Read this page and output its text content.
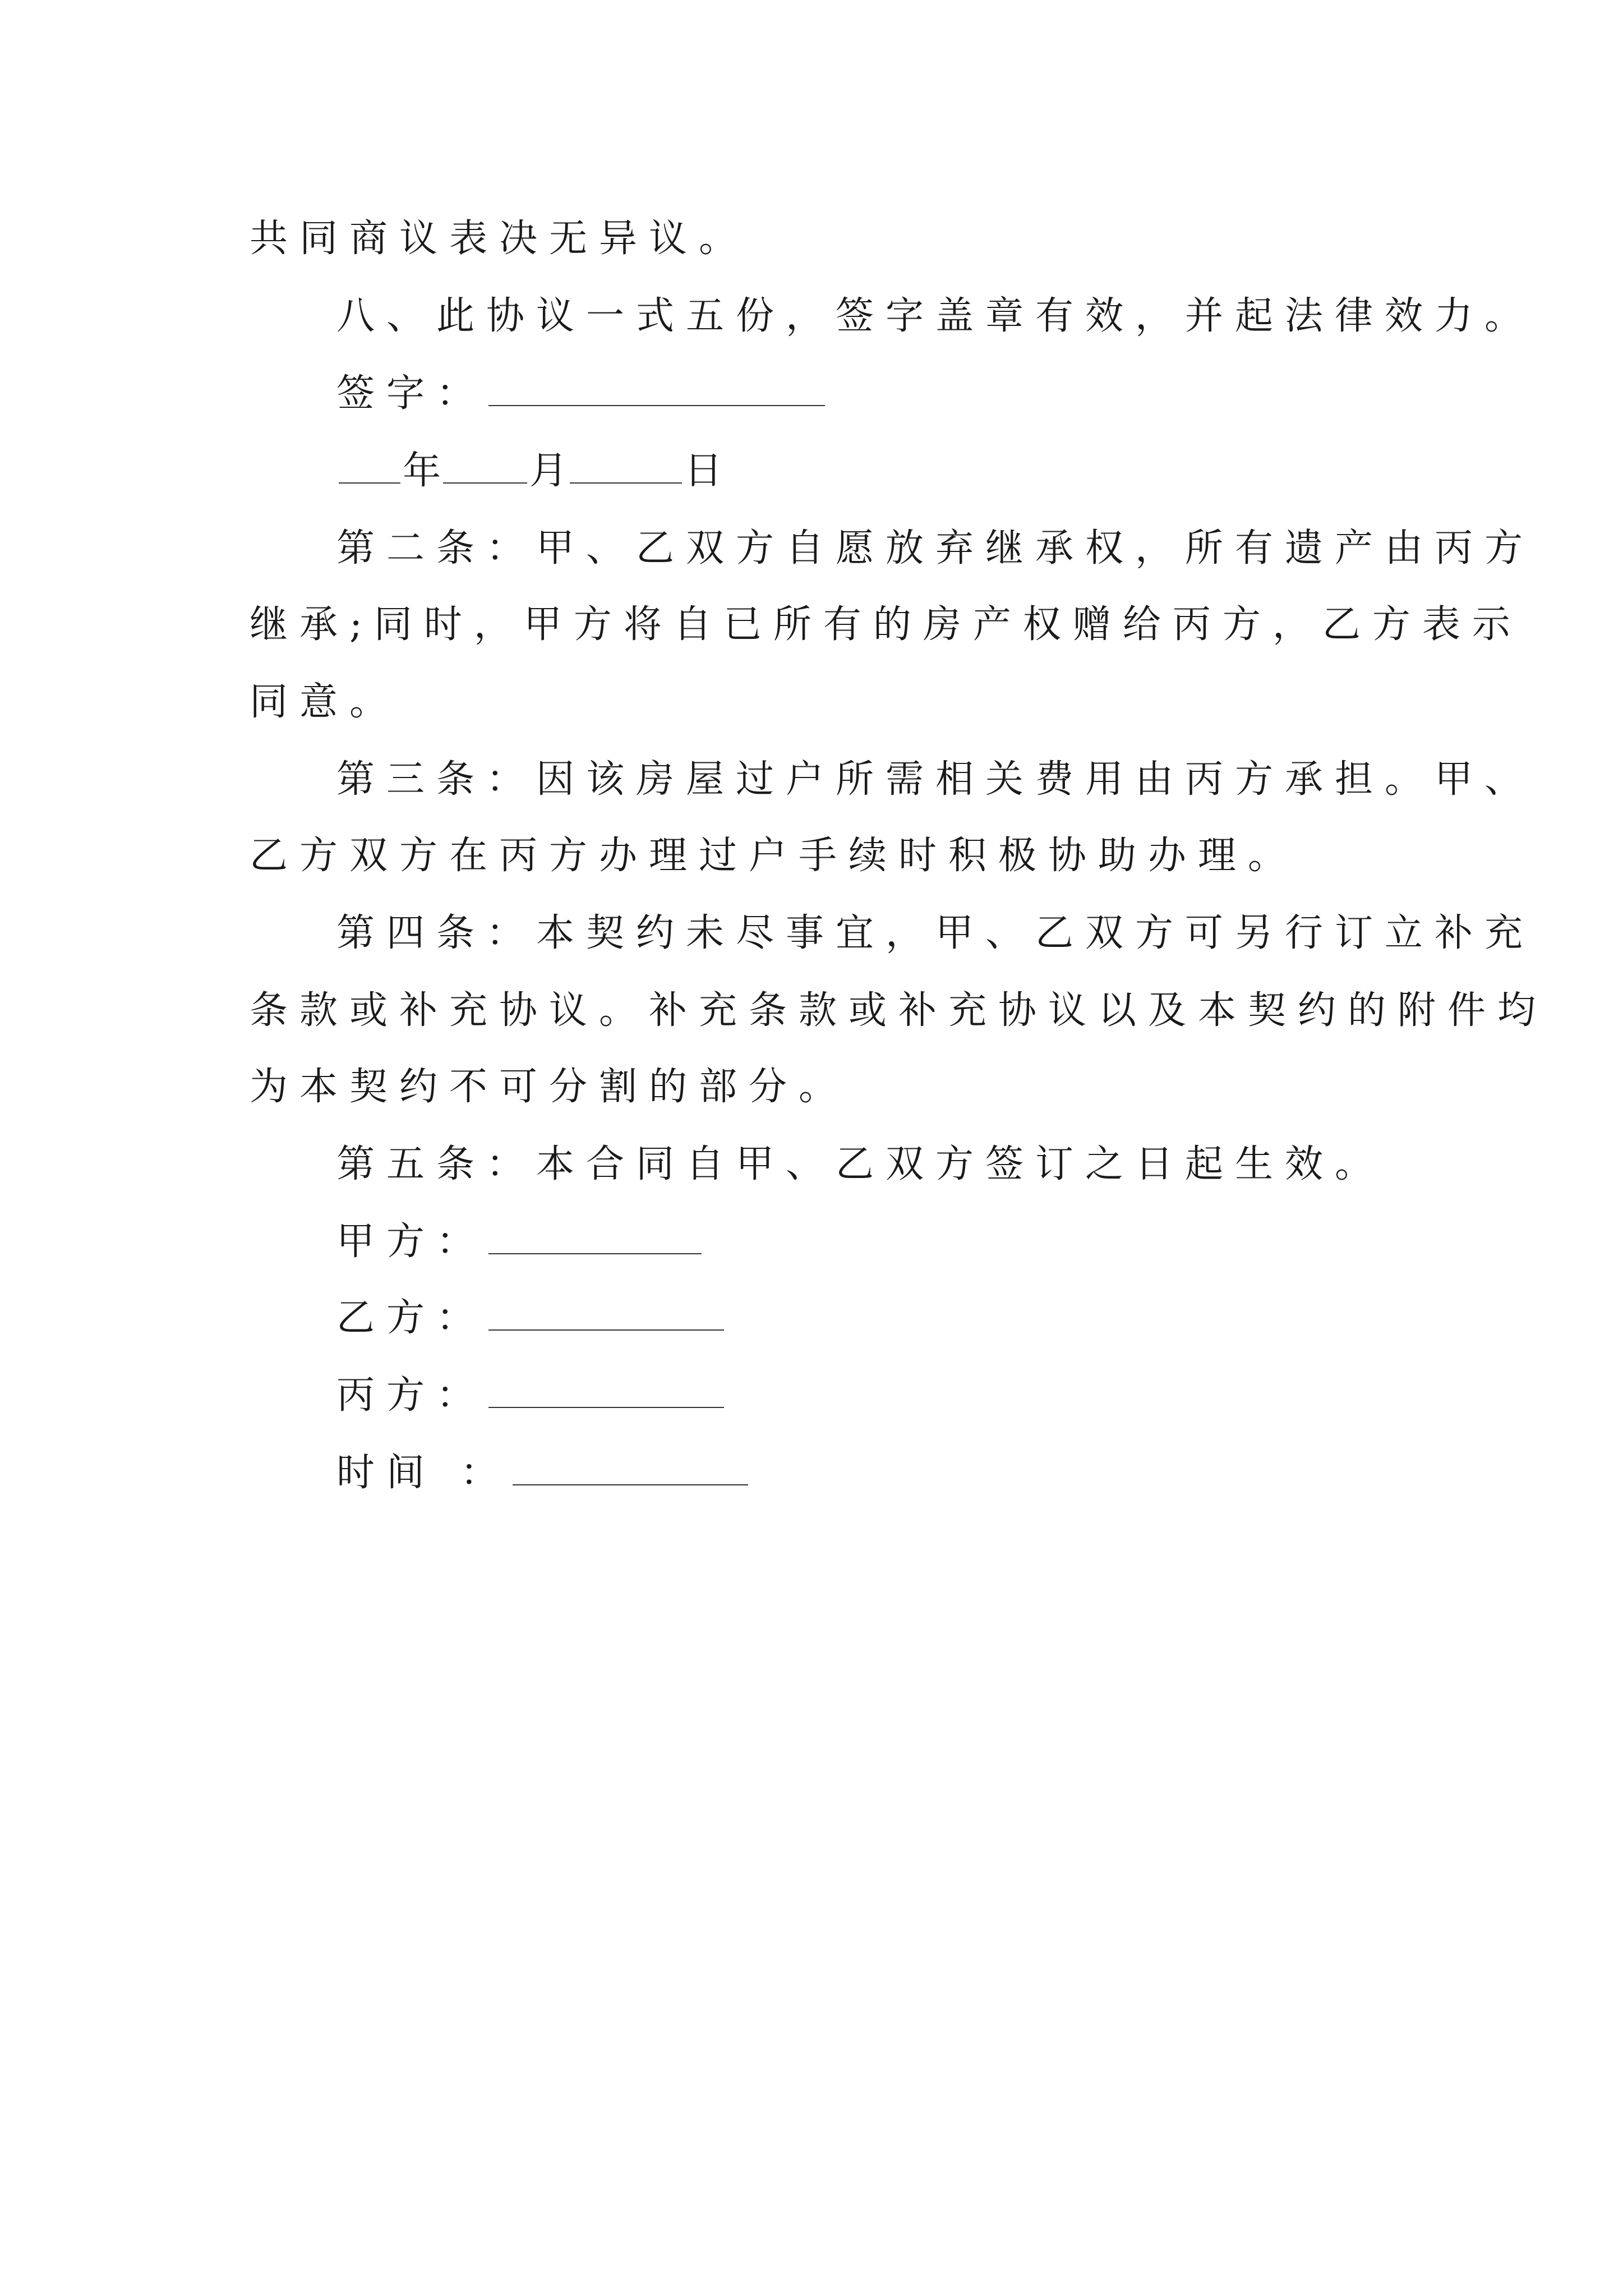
共同商议表决无异议。
八、此协议一式五份，签字盖章有效，并起法律效力。
签字：
年 月	日
第二条：甲、乙双方自愿放弃继承权，所有遗产由丙方
继承;同时，甲方将自已所有的房产权赠给丙方，乙方表示
同意。
第三条：因该房屋过户所需相关费用由丙方承担。甲、
乙方双方在丙方办理过户手续时积极协助办理。
第四条：本契约未尽事宜，甲、乙双方可另行订立补充
条款或补充协议。补充条款或补充协议以及本契约的附件均
为本契约不可分割的部分。
第五条：本合同自甲、乙双方签订之日起生效。
甲方：
乙方：
丙方：
时间 ：
